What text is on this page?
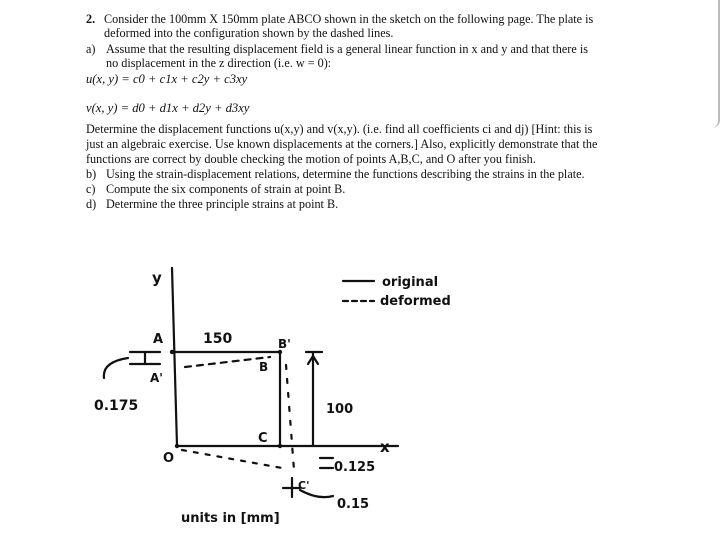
2. Consider the 100mm X 150mm plate ABCO shown in the sketch on the following page. The plate is
deformed into the configuration shown by the dashed lines.
a) Assume that the resulting displacement field is a general linear function in x and y and that there is
no displacement in the z direction (i.e. w = 0):
u(x, y) = c0 + c1x + c2y + c3xy
v(x, y) = d0 + d1x + d2y + d3xy
Determine the displacement functions u(x,y) and v(x,y). (i.e. find all coefficients ci and dj) [Hint: this is
just an algebraic exercise. Use known displacements at the corners.] Also, explicitly demonstrate that the
functions are correct by double checking the motion of points A,B,C, and O after you finish.
b) Using the strain-displacement relations, determine the functions describing the strains in the plate.
c) Compute the six components of strain at point B.
d) Determine the three principle strains at point B.
y
x
original
deformed
A
A'
150
B
B'
0.175	100
C
O
0.125
C'
0.15
units in [mm]
